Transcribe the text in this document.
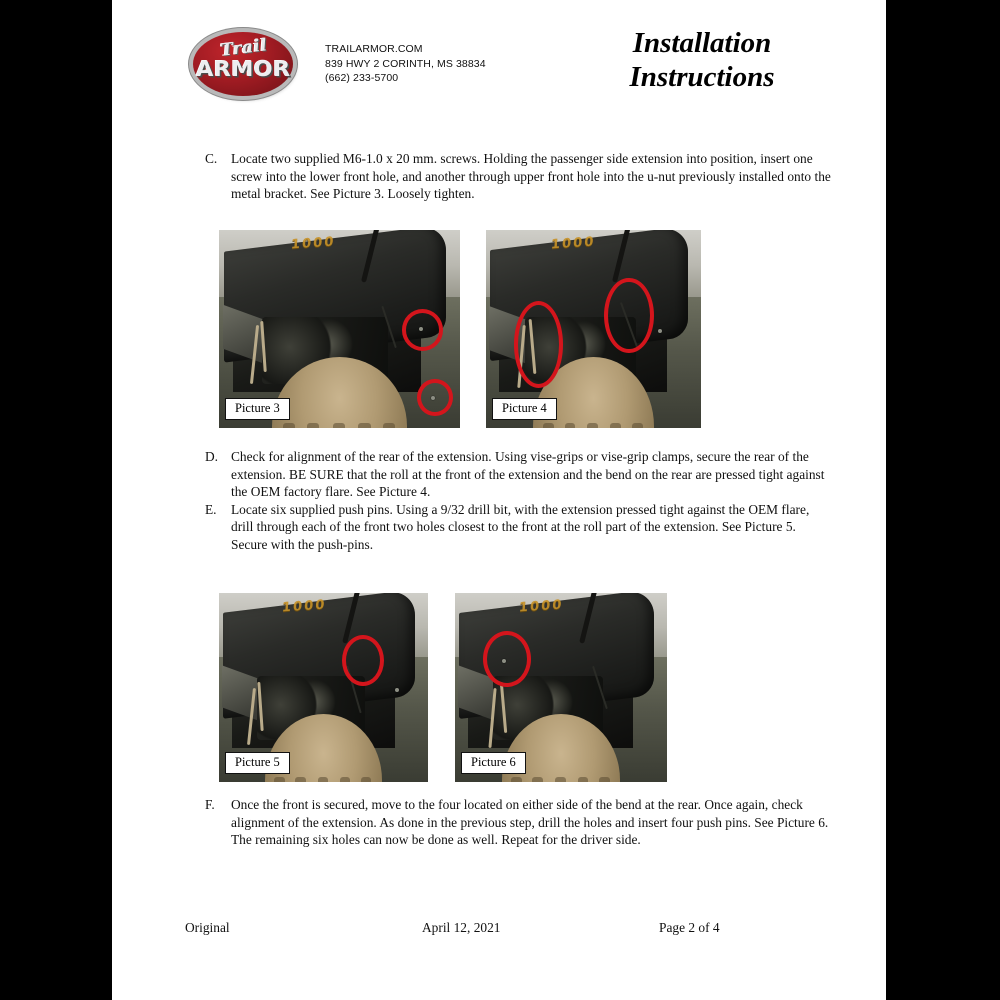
Trail
ARMOR
TRAILARMOR.COM
839 HWY 2 CORINTH, MS 38834
(662) 233-5700
Installation
Instructions
C.	Locate two supplied M6-1.0 x 20 mm. screws. Holding the passenger side extension into position, insert one screw into the lower front hole, and another through upper front hole into the u-nut previously installed onto the metal bracket. See Picture 3. Loosely tighten.
1000
Picture 3
1000
Picture 4
D. Check for alignment of the rear of the extension. Using vise-grips or vise-grip clamps, secure the rear of the extension. BE SURE that the roll at the front of the extension and the bend on the rear are pressed tight against the OEM factory flare. See Picture 4.
E.	Locate six supplied push pins. Using a 9/32 drill bit, with the extension pressed tight against the OEM flare, drill through each of the front two holes closest to the front at the roll part of the extension. See Picture 5. Secure with the push-pins.
1000
Picture 5
1000
Picture 6
F.	Once the front is secured, move to the four located on either side of the bend at the rear. Once again, check alignment of the extension. As done in the previous step, drill the holes and insert four push pins. See Picture 6. The remaining six holes can now be done as well. Repeat for the driver side.
Original	April 12, 2021	Page 2 of 4
